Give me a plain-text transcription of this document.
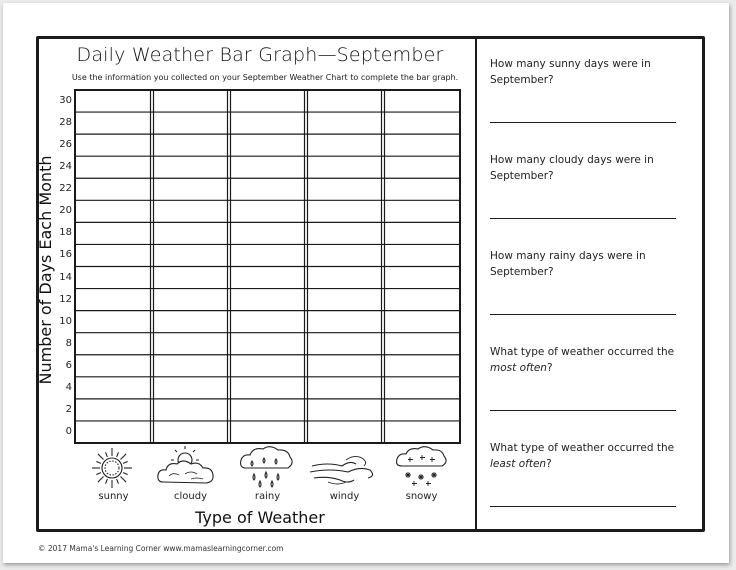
Daily Weather Bar Graph—September
Use the information you collected on your September Weather Chart to complete the bar graph.
Number of Days Each Month
30
28
26
24
22
20
18
16
14
12
10
8
6
4
2
0
sunny	cloudy	rainy	windy	snowy
Type of Weather
How many sunny days were in September?
How many cloudy days were in September?
How many rainy days were in September?
What type of weather occurred the most often?
What type of weather occurred the least often?
© 2017 Mama's Learning Corner www.mamaslearningcorner.com
